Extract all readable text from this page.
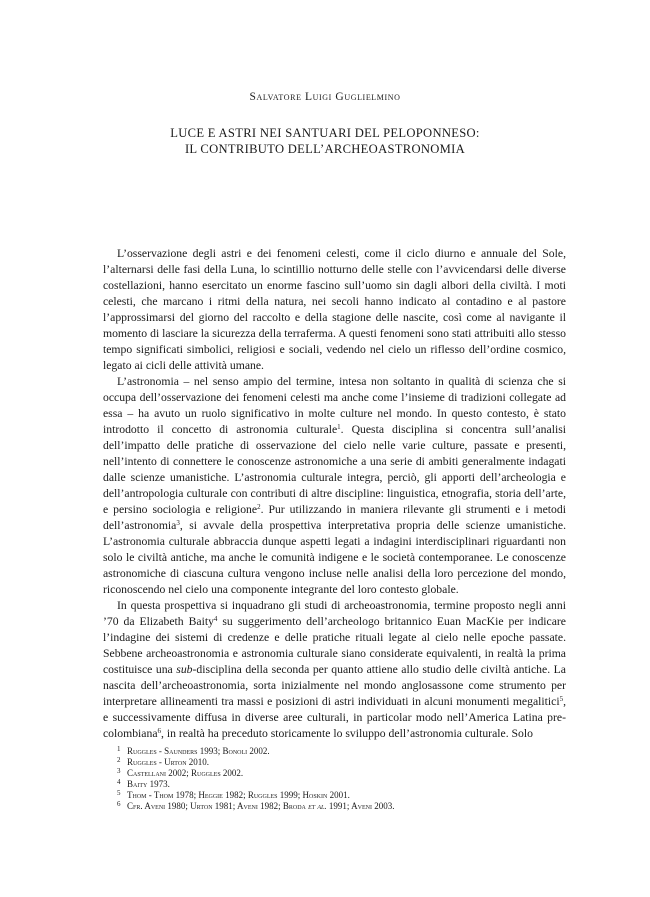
Salvatore Luigi Guglielmino
LUCE E ASTRI NEI SANTUARI DEL PELOPONNESO:
IL CONTRIBUTO DELL’ARCHEOASTRONOMIA

L’osservazione degli astri e dei fenomeni celesti, come il ciclo diurno e annuale del Sole, l’alternarsi delle fasi della Luna, lo scintillio notturno delle stelle con l’avvicendarsi delle diverse costellazioni, hanno esercitato un enorme fascino sull’uomo sin dagli albori della civiltà. I moti celesti, che marcano i ritmi della natura, nei secoli hanno indicato al contadino e al pastore l’approssimarsi del giorno del raccolto e della stagione delle nascite, così come al navigante il momento di lasciare la sicurezza della terraferma. A questi fenomeni sono stati attribuiti allo stesso tempo significati simbolici, religiosi e sociali, vedendo nel cielo un riflesso dell’ordine cosmico, legato ai cicli delle attività umane.

L’astronomia – nel senso ampio del termine, intesa non soltanto in qualità di scienza che si occupa dell’osservazione dei fenomeni celesti ma anche come l’insieme di tradizioni collegate ad essa – ha avuto un ruolo significativo in molte culture nel mondo. In questo contesto, è stato introdotto il concetto di astronomia culturale$^1$. Questa disciplina si concentra sull’analisi dell’impatto delle pratiche di osservazione del cielo nelle varie culture, passate e presenti, nell’intento di connettere le conoscenze astronomiche a una serie di ambiti generalmente indagati dalle scienze umanistiche. L’astronomia culturale integra, perciò, gli apporti dell’archeologia e dell’antropologia culturale con contributi di altre discipline: linguistica, etnografia, storia dell’arte, e persino sociologia e religione$^2$. Pur utilizzando in maniera rilevante gli strumenti e i metodi dell’astronomia$^3$, si avvale della prospettiva interpretativa propria delle scienze umanistiche. L’astronomia culturale abbraccia dunque aspetti legati a indagini interdisciplinari riguardanti non solo le civiltà antiche, ma anche le comunità indigene e le società contemporanee. Le conoscenze astronomiche di ciascuna cultura vengono incluse nelle analisi della loro percezione del mondo, riconoscendo nel cielo una componente integrante del loro contesto globale.

In questa prospettiva si inquadrano gli studi di archeoastronomia, termine proposto negli anni ’70 da Elizabeth Baity$^4$ su suggerimento dell’archeologo britannico Euan MacKie per indicare l’indagine dei sistemi di credenze e delle pratiche rituali legate al cielo nelle epoche passate. Sebbene archeoastronomia e astronomia culturale siano considerate equivalenti, in realtà la prima costituisce una sub-disciplina della seconda per quanto attiene allo studio delle civiltà antiche. La nascita dell’archeoastronomia, sorta inizialmente nel mondo anglosassone come strumento per interpretare allineamenti tra massi e posizioni di astri individuati in alcuni monumenti megalitici$^5$, e successivamente diffusa in diverse aree culturali, in particolar modo nell’America Latina pre-colombiana$^6$, in realtà ha preceduto storicamente lo sviluppo dell’astronomia culturale. Solo

1 Ruggles - Saunders 1993; Bonoli 2002.
2 Ruggles - Urton 2010.
3 Castellani 2002; Ruggles 2002.
4 Baity 1973.
5 Thom - Thom 1978; Heggie 1982; Ruggles 1999; Hoskin 2001.
6 Cfr. Aveni 1980; Urton 1981; Aveni 1982; Broda et al. 1991; Aveni 2003.
